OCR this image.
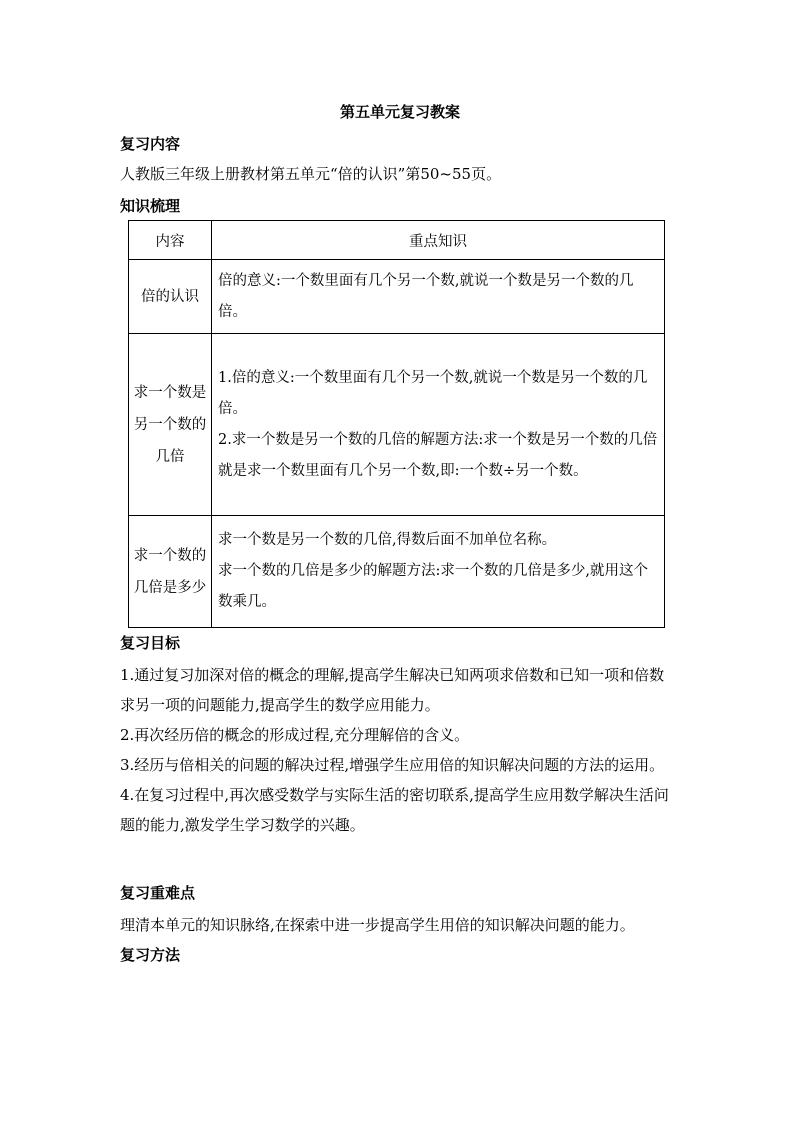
第五单元复习教案
复习内容
人教版三年级上册教材第五单元“倍的认识”第50~55页。
知识梳理
内容	重点知识
倍的认识	倍的意义:一个数里面有几个另一个数,就说一个数是另一个数的几倍。

求一个数是另一个数的几倍	1.倍的意义:一个数里面有几个另一个数,就说一个数是另一个数的几倍。

2.求一个数是另一个数的几倍的解题方法:求一个数是另一个数的几倍就是求一个数里面有几个另一个数,即:一个数÷另一个数。

求一个数的几倍是多少	求一个数是另一个数的几倍,得数后面不加单位名称。

求一个数的几倍是多少的解题方法:求一个数的几倍是多少,就用这个数乘几。

复习目标

1.通过复习加深对倍的概念的理解,提高学生解决已知两项求倍数和已知一项和倍数求另一项的问题能力,提高学生的数学应用能力。

2.再次经历倍的概念的形成过程,充分理解倍的含义。

3.经历与倍相关的问题的解决过程,增强学生应用倍的知识解决问题的方法的运用。

4.在复习过程中,再次感受数学与实际生活的密切联系,提高学生应用数学解决生活问题的能力,激发学生学习数学的兴趣。

复习重难点
理清本单元的知识脉络,在探索中进一步提高学生用倍的知识解决问题的能力。
复习方法
